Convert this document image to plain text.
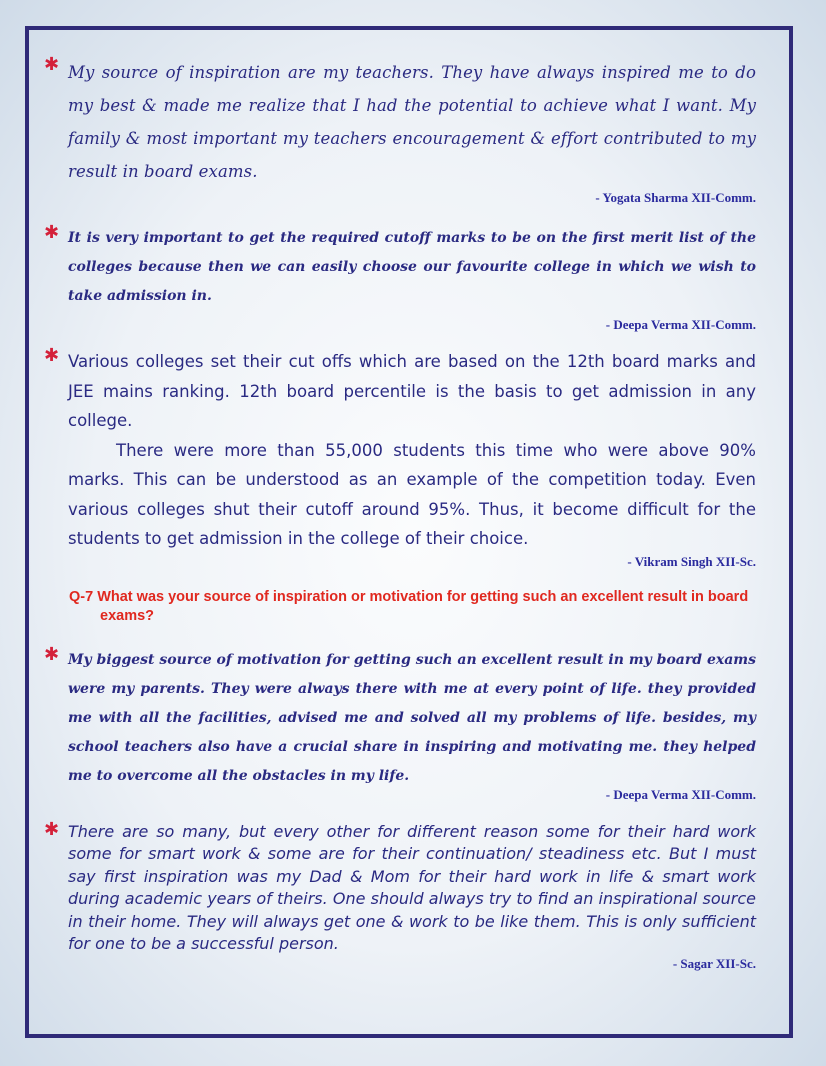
✱ My source of inspiration are my teachers. They have always inspired me to do my best & made me realize that I had the potential to achieve what I want. My family & most important my teachers encouragement & effort contributed to my result in board exams.

- Yogata Sharma XII-Comm.

✱ It is very important to get the required cutoff marks to be on the first merit list of the colleges because then we can easily choose our favourite college in which we wish to take admission in.

- Deepa Verma XII-Comm.

✱ Various colleges set their cut offs which are based on the 12th board marks and JEE mains ranking. 12th board percentile is the basis to get admission in any college.

There were more than 55,000 students this time who were above 90% marks. This can be understood as an example of the competition today. Even various colleges shut their cutoff around 95%. Thus, it become difficult for the students to get admission in the college of their choice.

- Vikram Singh XII-Sc.

Q-7 What was your source of inspiration or motivation for getting such an excellent result in board exams?

✱ My biggest source of motivation for getting such an excellent result in my board exams were my parents. They were always there with me at every point of life. they provided me with all the facilities, advised me and solved all my problems of life. besides, my school teachers also have a crucial share in inspiring and motivating me. they helped me to overcome all the obstacles in my life.

- Deepa Verma XII-Comm.

✱ There are so many, but every other for different reason some for their hard work some for smart work & some are for their continuation/ steadiness etc. But I must say first inspiration was my Dad & Mom for their hard work in life & smart work during academic years of theirs. One should always try to find an inspirational source in their home. They will always get one & work to be like them. This is only sufficient for one to be a successful person.

- Sagar XII-Sc.
